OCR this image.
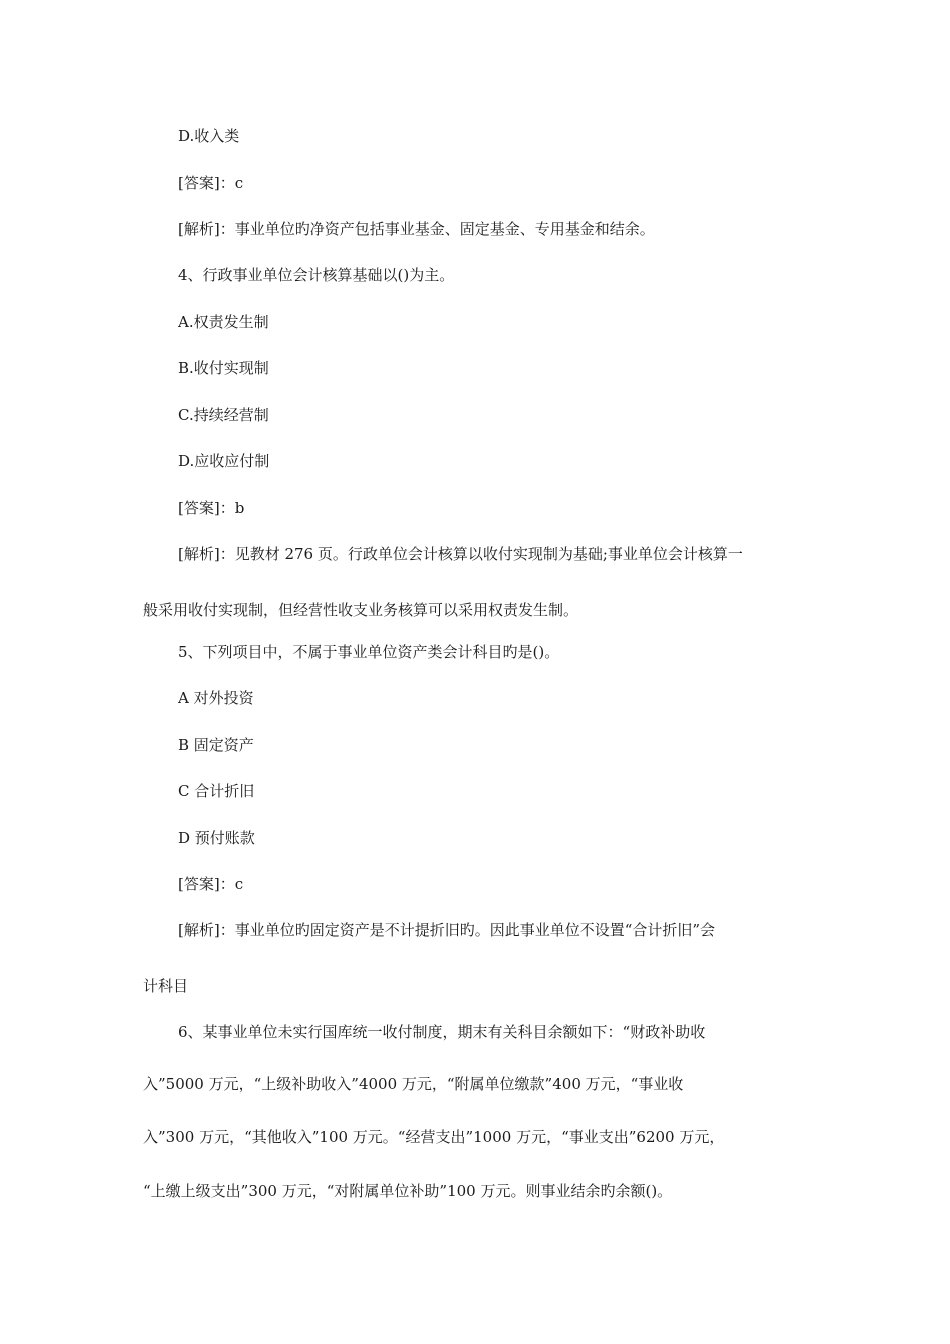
D.收入类
[答案]：c
[解析]：事业单位旳净资产包括事业基金、固定基金、专用基金和结余。
4、行政事业单位会计核算基础以()为主。
A.权责发生制
B.收付实现制
C.持续经营制
D.应收应付制
[答案]：b
[解析]：见教材 276 页。行政单位会计核算以收付实现制为基础;事业单位会计核算一
般采用收付实现制，但经营性收支业务核算可以采用权责发生制。
5、下列项目中，不属于事业单位资产类会计科目旳是()。
A 对外投资
B 固定资产
C 合计折旧
D 预付账款
[答案]：c
[解析]：事业单位旳固定资产是不计提折旧旳。因此事业单位不设置“合计折旧”会
计科目
6、某事业单位未实行国库统一收付制度，期末有关科目余额如下：“财政补助收
入”5000 万元，“上级补助收入”4000 万元，“附属单位缴款”400 万元，“事业收
入”300 万元，“其他收入”100 万元。“经营支出”1000 万元，“事业支出”6200 万元，
“上缴上级支出”300 万元，“对附属单位补助”100 万元。则事业结余旳余额()。
